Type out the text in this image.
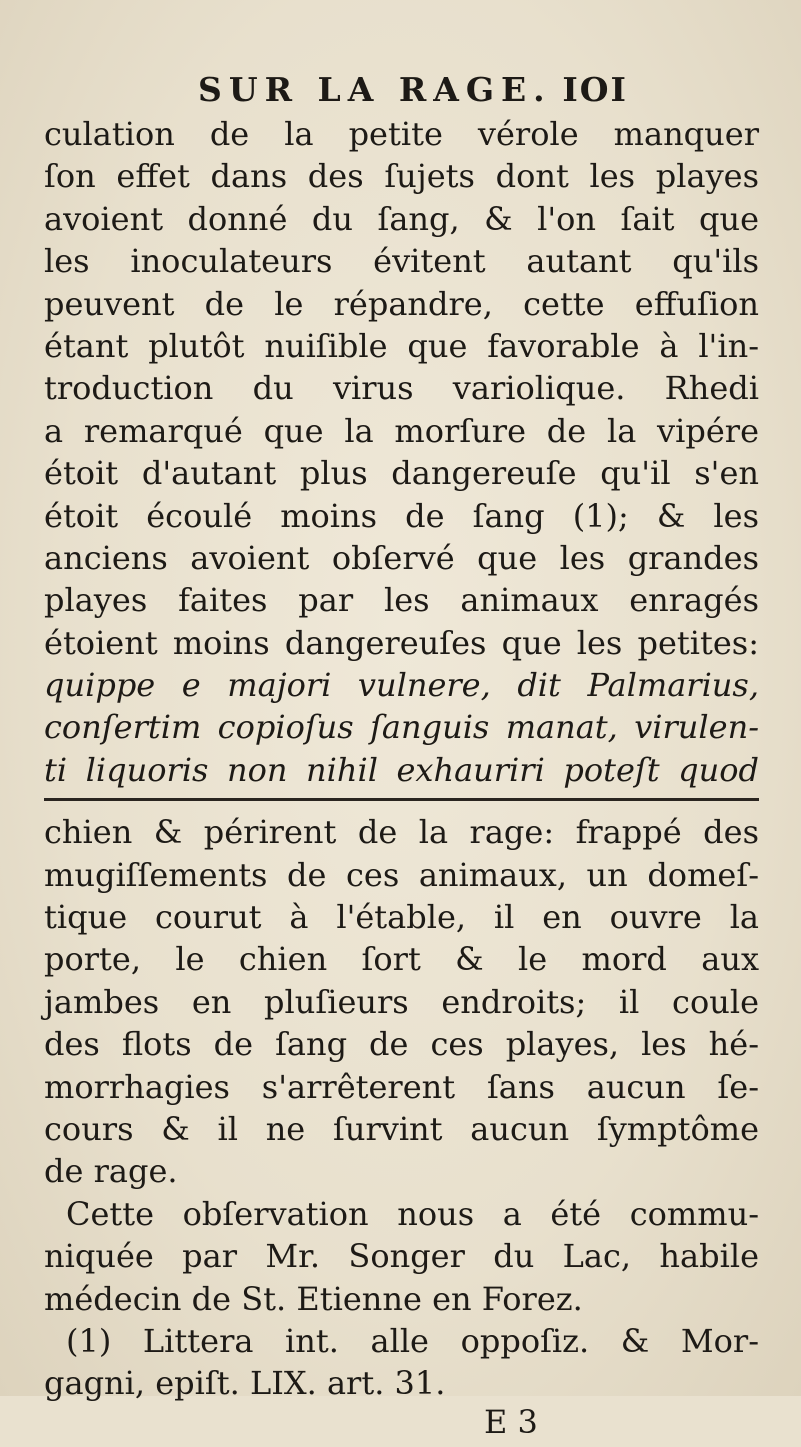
SUR LA RAGE. IOI
culation de la petite vérole manquer
ſon effet dans des ſujets dont les playes
avoient donné du ſang, & l'on ſait que
les inoculateurs évitent autant qu'ils
peuvent de le répandre, cette effuſion
étant plutôt nuiſible que favorable à l'in-
troduction du virus variolique. Rhedi
a remarqué que la morſure de la vipére
étoit d'autant plus dangereuſe qu'il s'en
étoit écoulé moins de ſang (1); & les
anciens avoient obſervé que les grandes
playes faites par les animaux enragés
étoient moins dangereuſes que les petites:
quippe e majori vulnere, dit Palmarius,
conſertim copioſus ſanguis manat, virulen-
ti liquoris non nihil exhauriri poteſt quod
chien & périrent de la rage: frappé des
mugiſſements de ces animaux, un domeſ-
tique courut à l'étable, il en ouvre la
porte, le chien ſort & le mord aux
jambes en pluſieurs endroits; il coule
des flots de ſang de ces playes, les hé-
morrhagies s'arrêterent ſans aucun ſe-
cours & il ne ſurvint aucun ſymptôme
de rage.
Cette obſervation nous a été commu-
niquée par Mr. Songer du Lac, habile
médecin de St. Etienne en Forez.
(1) Littera int. alle oppoſiz. & Mor-
gagni, epiſt. LIX. art. 31.
E 3
